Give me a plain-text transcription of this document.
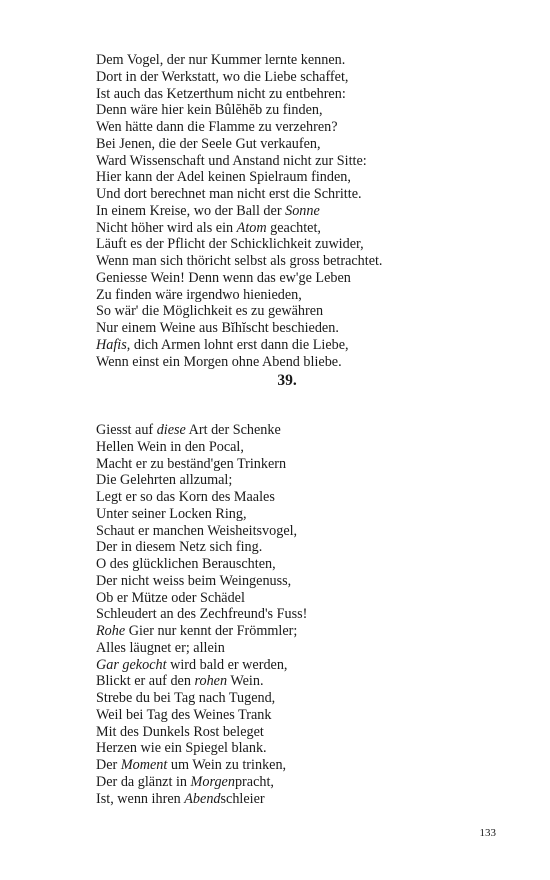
Dem Vogel, der nur Kummer lernte kennen.
Dort in der Werkstatt, wo die Liebe schaffet,
Ist auch das Ketzerthum nicht zu entbehren:
Denn wäre hier kein Bûlĕhĕb zu finden,
Wen hätte dann die Flamme zu verzehren?
Bei Jenen, die der Seele Gut verkaufen,
Ward Wissenschaft und Anstand nicht zur Sitte:
Hier kann der Adel keinen Spielraum finden,
Und dort berechnet man nicht erst die Schritte.
In einem Kreise, wo der Ball der Sonne
Nicht höher wird als ein Atom geachtet,
Läuft es der Pflicht der Schicklichkeit zuwider,
Wenn man sich thöricht selbst als gross betrachtet.
Geniesse Wein! Denn wenn das ew'ge Leben
Zu finden wäre irgendwo hienieden,
So wär' die Möglichkeit es zu gewähren
Nur einem Weine aus Bĭhĭscht beschieden.
Hafis, dich Armen lohnt erst dann die Liebe,
Wenn einst ein Morgen ohne Abend bliebe.
39.
Giesst auf diese Art der Schenke
Hellen Wein in den Pocal,
Macht er zu beständ'gen Trinkern
Die Gelehrten allzumal;
Legt er so das Korn des Maales
Unter seiner Locken Ring,
Schaut er manchen Weisheitsvogel,
Der in diesem Netz sich fing.
O des glücklichen Berauschten,
Der nicht weiss beim Weingenuss,
Ob er Mütze oder Schädel
Schleudert an des Zechfreund's Fuss!
Rohe Gier nur kennt der Frömmler;
Alles läugnet er; allein
Gar gekocht wird bald er werden,
Blickt er auf den rohen Wein.
Strebe du bei Tag nach Tugend,
Weil bei Tag des Weines Trank
Mit des Dunkels Rost beleget
Herzen wie ein Spiegel blank.
Der Moment um Wein zu trinken,
Der da glänzt in Morgenpracht,
Ist, wenn ihren Abendschleier
133
